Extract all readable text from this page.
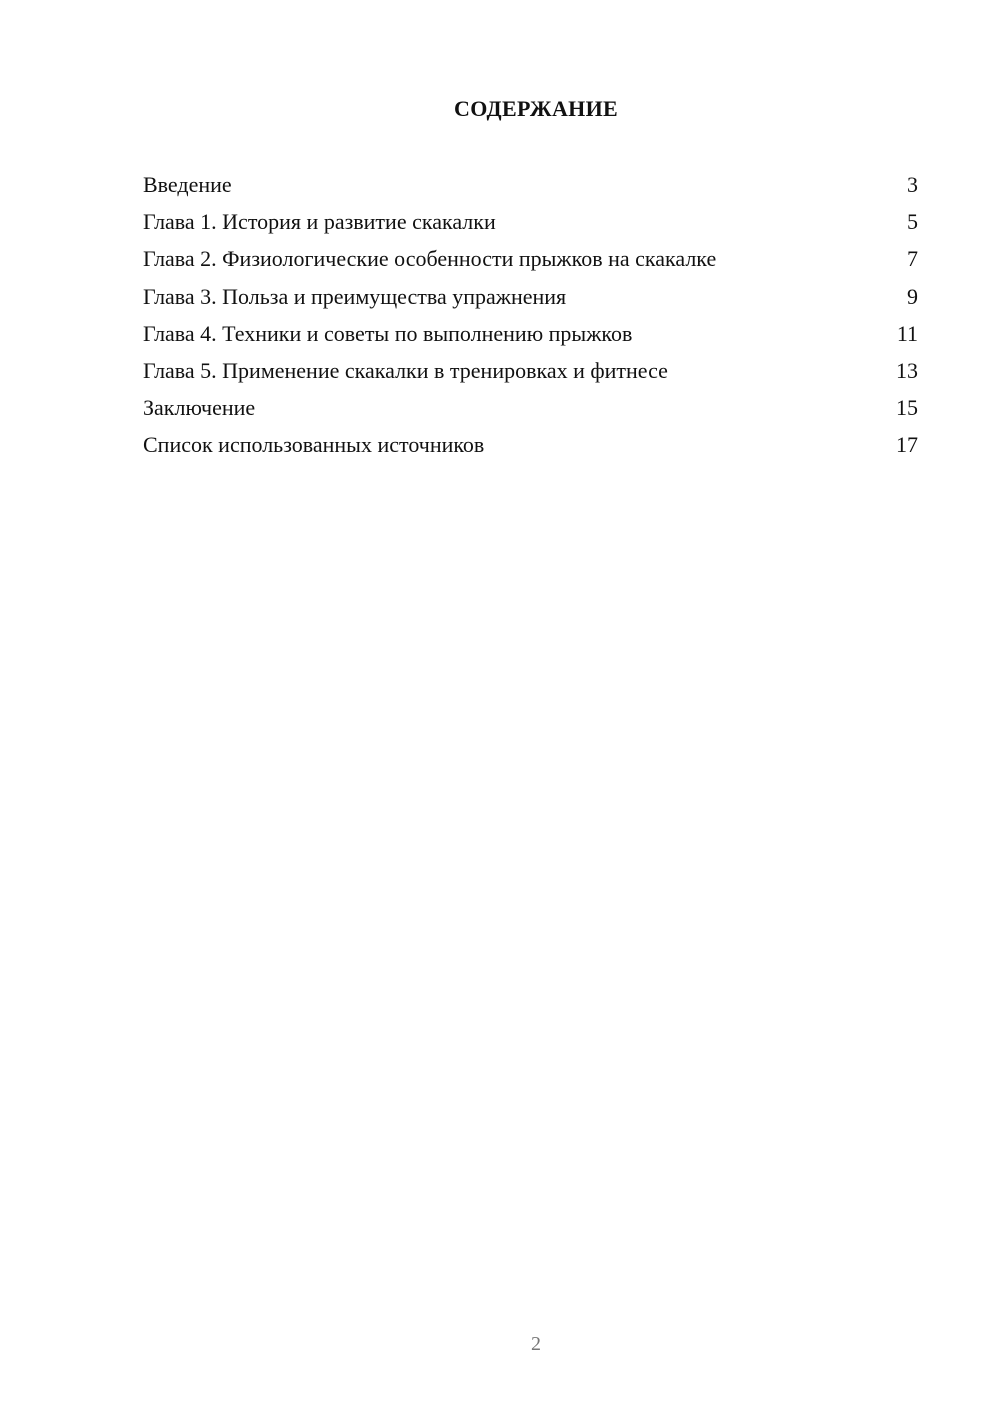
СОДЕРЖАНИЕ
Введение	3
Глава 1. История и развитие скакалки	5
Глава 2. Физиологические особенности прыжков на скакалке	7
Глава 3. Польза и преимущества упражнения	9
Глава 4. Техники и советы по выполнению прыжков	11
Глава 5. Применение скакалки в тренировках и фитнесе	13
Заключение	15
Список использованных источников	17
2
